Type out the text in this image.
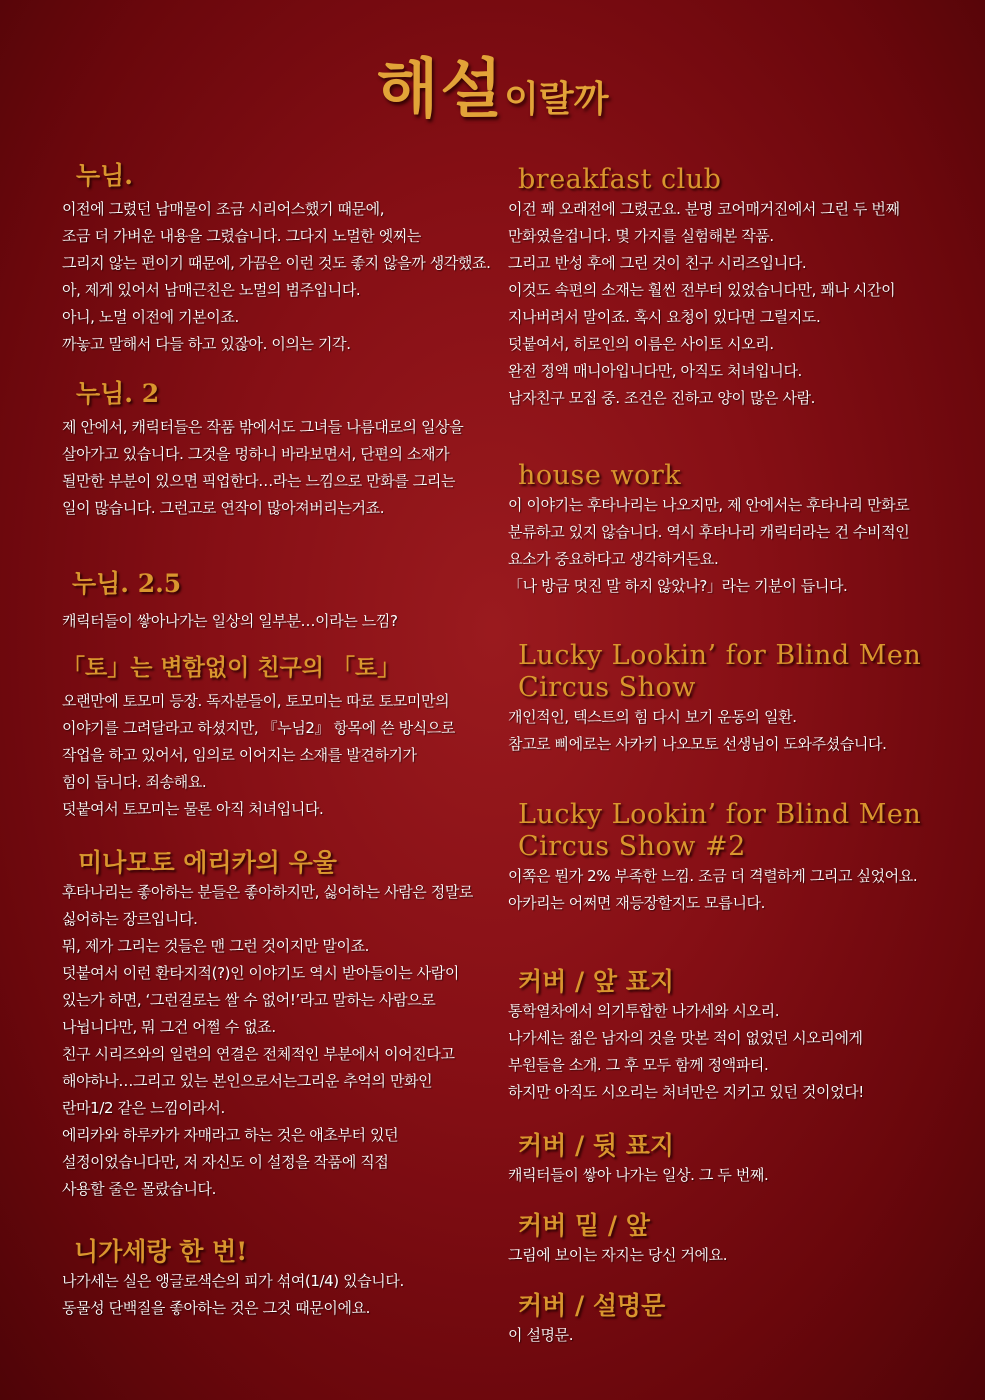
해설이랄까
누님.
이전에 그렸던 남매물이 조금 시리어스했기 때문에,
조금 더 가벼운 내용을 그렸습니다. 그다지 노멀한 엣찌는
그리지 않는 편이기 때문에, 가끔은 이런 것도 좋지 않을까 생각했죠.
아, 제게 있어서 남매근친은 노멀의 범주입니다.
아니, 노멀 이전에 기본이죠.
까놓고 말해서 다들 하고 있잖아. 이의는 기각.
누님. 2
제 안에서, 캐릭터들은 작품 밖에서도 그녀들 나름대로의 일상을
살아가고 있습니다. 그것을 멍하니 바라보면서, 단편의 소재가
될만한 부분이 있으면 픽업한다…라는 느낌으로 만화를 그리는
일이 많습니다. 그런고로 연작이 많아져버리는거죠.
누님. 2.5
캐릭터들이 쌓아나가는 일상의 일부분…이라는 느낌?
「토」는 변함없이 친구의 「토」
오랜만에 토모미 등장. 독자분들이, 토모미는 따로 토모미만의
이야기를 그려달라고 하셨지만, 『누님2』 항목에 쓴 방식으로
작업을 하고 있어서, 임의로 이어지는 소재를 발견하기가
힘이 듭니다. 죄송해요.
덧붙여서 토모미는 물론 아직 처녀입니다.
미나모토 에리카의 우울
후타나리는 좋아하는 분들은 좋아하지만, 싫어하는 사람은 정말로
싫어하는 장르입니다.
뭐, 제가 그리는 것들은 맨 그런 것이지만 말이죠.
덧붙여서 이런 환타지적(?)인 이야기도 역시 받아들이는 사람이
있는가 하면, ‘그런걸로는 쌀 수 없어!’라고 말하는 사람으로
나뉩니다만, 뭐 그건 어쩔 수 없죠.
친구 시리즈와의 일련의 연결은 전체적인 부분에서 이어진다고
해야하나…그리고 있는 본인으로서는그리운 추억의 만화인
란마1/2 같은 느낌이라서.
에리카와 하루카가 자매라고 하는 것은 애초부터 있던
설정이었습니다만, 저 자신도 이 설정을 작품에 직접
사용할 줄은 몰랐습니다.
니가세랑 한 번!
나가세는 실은 앵글로색슨의 피가 섞여(1/4) 있습니다.
동물성 단백질을 좋아하는 것은 그것 때문이에요.
breakfast club
이건 꽤 오래전에 그렸군요. 분명 코어매거진에서 그린 두 번째
만화였을겁니다. 몇 가지를 실험해본 작품.
그리고 반성 후에 그린 것이 친구 시리즈입니다.
이것도 속편의 소재는 훨씬 전부터 있었습니다만, 꽤나 시간이
지나버려서 말이죠. 혹시 요청이 있다면 그릴지도.
덧붙여서, 히로인의 이름은 사이토 시오리.
완전 정액 매니아입니다만, 아직도 처녀입니다.
남자친구 모집 중. 조건은 진하고 양이 많은 사람.
house work
이 이야기는 후타나리는 나오지만, 제 안에서는 후타나리 만화로
분류하고 있지 않습니다. 역시 후타나리 캐릭터라는 건 수비적인
요소가 중요하다고 생각하거든요.
「나 방금 멋진 말 하지 않았나?」라는 기분이 듭니다.
Lucky Lookin’ for Blind Men
Circus Show
개인적인, 텍스트의 힘 다시 보기 운동의 일환.
참고로 삐에로는 사카키 나오모토 선생님이 도와주셨습니다.
Lucky Lookin’ for Blind Men
Circus Show #2
이쪽은 뭔가 2% 부족한 느낌. 조금 더 격렬하게 그리고 싶었어요.
아카리는 어쩌면 재등장할지도 모릅니다.
커버 / 앞 표지
통학열차에서 의기투합한 나가세와 시오리.
나가세는 젊은 남자의 것을 맛본 적이 없었던 시오리에게
부원들을 소개. 그 후 모두 함께 정액파티.
하지만 아직도 시오리는 처녀만은 지키고 있던 것이었다!
커버 / 뒷 표지
캐릭터들이 쌓아 나가는 일상. 그 두 번째.
커버 밑 / 앞
그림에 보이는 자지는 당신 거에요.
커버 / 설명문
이 설명문.
